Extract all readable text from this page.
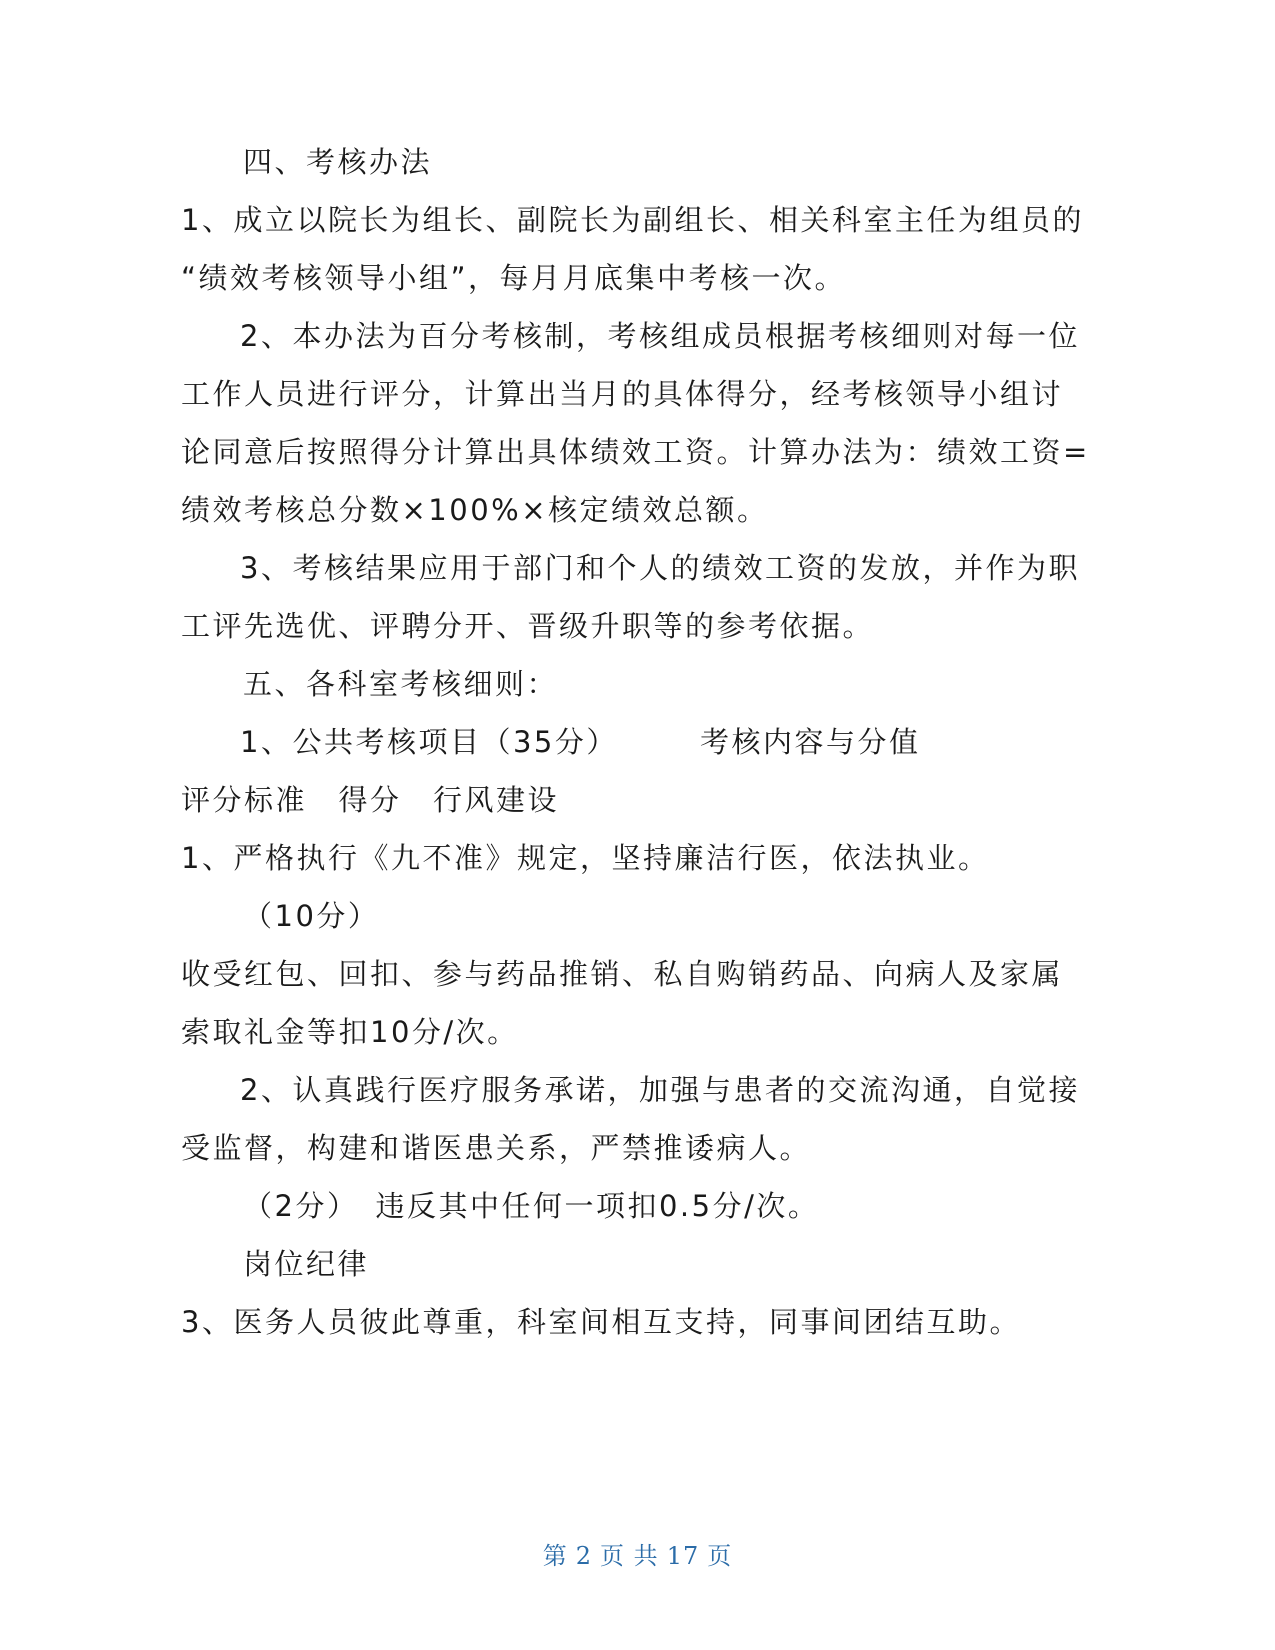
四、考核办法
1、成立以院长为组长、副院长为副组长、相关科室主任为组员的
“绩效考核领导小组”，每月月底集中考核一次。
2、本办法为百分考核制，考核组成员根据考核细则对每一位
工作人员进行评分，计算出当月的具体得分，经考核领导小组讨
论同意后按照得分计算出具体绩效工资。计算办法为：绩效工资=
绩效考核总分数×100%×核定绩效总额。
3、考核结果应用于部门和个人的绩效工资的发放，并作为职
工评先选优、评聘分开、晋级升职等的参考依据。
五、各科室考核细则：
1、公共考核项目（35分）	考核内容与分值
评分标准　得分　行风建设
1、严格执行《九不准》规定，坚持廉洁行医，依法执业。
（10分）
收受红包、回扣、参与药品推销、私自购销药品、向病人及家属
索取礼金等扣10分/次。
2、认真践行医疗服务承诺，加强与患者的交流沟通，自觉接
受监督，构建和谐医患关系，严禁推诿病人。
（2分）　违反其中任何一项扣0.5分/次。
岗位纪律
3、医务人员彼此尊重，科室间相互支持，同事间团结互助。
第 2 页 共 17 页
